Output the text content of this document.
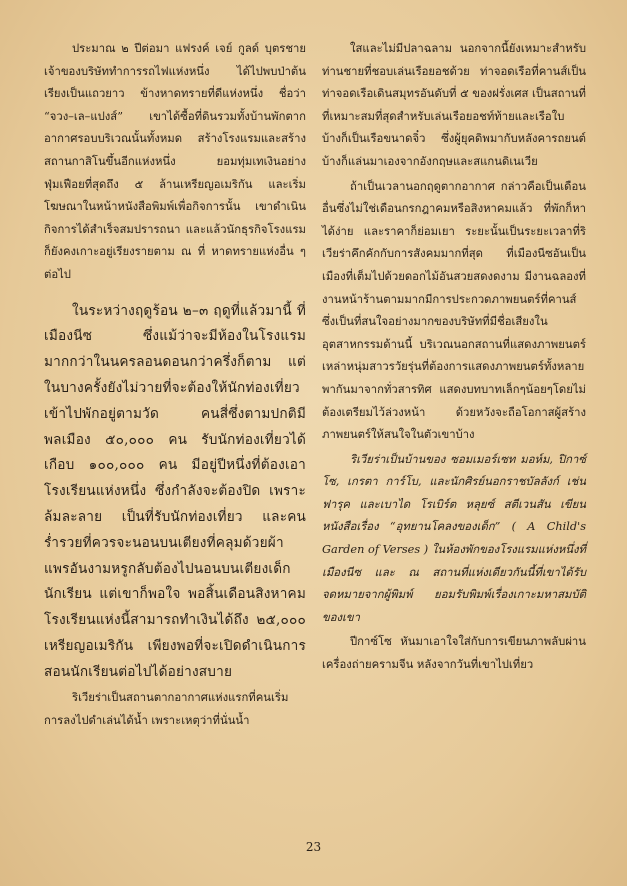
ประมาณ ๒ ปีต่อมา แฟรงค์ เจย์ กูลด์ บุตรชายเจ้าของบริษัททำการรถไฟแห่งหนึ่ง ได้ไปพบป่าต้น เรียงเป็นแถวยาว ข้างหาดทรายที่ดีแห่งหนึ่ง ชื่อว่า “จวง–เล–แปงส์” เขาได้ซื้อที่ดินรวมทั้งบ้านพักตากอากาศรอบบริเวณนั้นทั้งหมด สร้างโรงแรมและสร้างสถานกาสิโนขึ้นอีกแห่งหนึ่ง ยอมทุ่มเทเงินอย่างฟุ่มเฟือยที่สุดถึง ๕ ล้านเหรียญอเมริกัน และเริ่มโฆษณาในหน้าหนังสือพิมพ์เพื่อกิจการนั้น เขาดำเนินกิจการได้สำเร็จสมปรารถนา และแล้วนักธุรกิจโรงแรมก็ยังคงเกาะอยู่เรียงรายตาม ณ ที่ หาดทรายแห่งอื่น ๆ ต่อไป

ในระหว่างฤดูร้อน ๒–๓ ฤดูที่แล้วมานี้ ที่เมืองนีซ ซึ่งแม้ว่าจะมีห้องในโรงแรมมากกว่าในนครลอนดอนกว่าครึ่งก็ตาม แต่ในบางครั้งยังไม่วายที่จะต้องให้นักท่องเที่ยวเข้าไปพักอยู่ตามวัด คนสี่ซึ่งตามปกติมีพลเมือง ๕๐,๐๐๐ คน รับนักท่องเที่ยวได้เกือบ ๑๐๐,๐๐๐ คน มีอยู่ปีหนึ่งที่ต้องเอาโรงเรียนแห่งหนึ่ง ซึ่งกำลังจะต้องปิด เพราะล้มละลาย เป็นที่รับนักท่องเที่ยว และคนร่ำรวยที่ควรจะนอนบนเตียงที่คลุมด้วยผ้าแพรอันงามหรูกลับต้องไปนอนบนเตียงเด็กนักเรียน แต่เขาก็พอใจ พอสิ้นเดือนสิงหาคม โรงเรียนแห่งนี้สามารถทำเงินได้ถึง ๒๕,๐๐๐ เหรียญอเมริกัน เพียงพอที่จะเปิดดำเนินการสอนนักเรียนต่อไปได้อย่างสบาย

ริเวียร่าเป็นสถานตากอากาศแห่งแรกที่คนเริ่มการลงไปดำเล่นได้น้ำ เพราะเหตุว่าที่นั่นน้ำ

ใสและไม่มีปลาฉลาม นอกจากนี้ยังเหมาะสำหรับท่านชายที่ชอบเล่นเรือยอชด้วย ท่าจอดเรือที่คานส์เป็นท่าจอดเรือเดินสมุทรอันดับที่ ๕ ของฝรั่งเศส เป็นสถานที่ที่เหมาะสมที่สุดสำหรับเล่นเรือยอชท์ท้ายและเรือใบ บ้างก็เป็นเรือขนาดจิ๋ว ซึ่งผู้ยุคดิพมากับหลังคารถยนต์ บ้างก็แล่นมาเองจากอังกฤษและสแกนดิเนเวีย

ถ้าเป็นเวลานอกฤดูตากอากาศ กล่าวคือเป็นเดือนอื่นซึ่งไม่ใช่เดือนกรกฎาคมหรือสิงหาคมแล้ว ที่พักก็หาได้ง่าย และราคาก็ย่อมเยา ระยะนั้นเป็นระยะเวลาที่ริเวียร่าคึกคักกับการสังคมมากที่สุด ที่เมืองนีซอันเป็นเมืองที่เต็มไปด้วยดอกไม้อันสวยสดงดงาม มีงานฉลองที่งานหน้าร้านตามมากมีการประกวดภาพยนตร์ที่คานส์ ซึ่งเป็นที่สนใจอย่างมากของบริษัทที่มีชื่อเสียงในอุตสาหกรรมด้านนี้ บริเวณนอกสถานที่แสดงภาพยนตร์ เหล่าหนุ่มสาวรวัยรุ่นที่ต้องการแสดงภาพยนตร์ทั้งหลายพากันมาจากทั่วสารทิศ แสดงบทบาทเล็กๆน้อยๆโดยไม่ต้องเตรียมไว้ล่วงหน้า ด้วยหวังจะถือโอกาสผู้สร้างภาพยนตร์ให้สนใจในตัวเขาบ้าง

ริเวียร่าเป็นบ้านของ ซอมเมอร์เซท มอห์ม, ปิกาซ์โซ, เกรตา การ์โบ, และนักศิรย์นอกราชบัลลังก์ เช่น ฟารุค และเบาได โรเบิร์ต หลุยซ์ สตีเวนสัน เขียนหนังสือเรื่อง “อุทยานโคลงของเด็ก” ( A Child's Garden of Verses ) ในห้องพักของโรงแรมแห่งหนึ่งที่เมืองนีซ และ ณ สถานที่แห่งเดียวกันนี้ที่เขาได้รับจดหมายจากผู้พิมพ์ ยอมรับพิมพ์เรื่องเกาะมหาสมบัติของเขา

ปีกาซ์โซ หันมาเอาใจใส่กับการเขียนภาพลับผ่านเครื่องถ่ายครามจีน หลังจากวันที่เขาไปเที่ยว

23
